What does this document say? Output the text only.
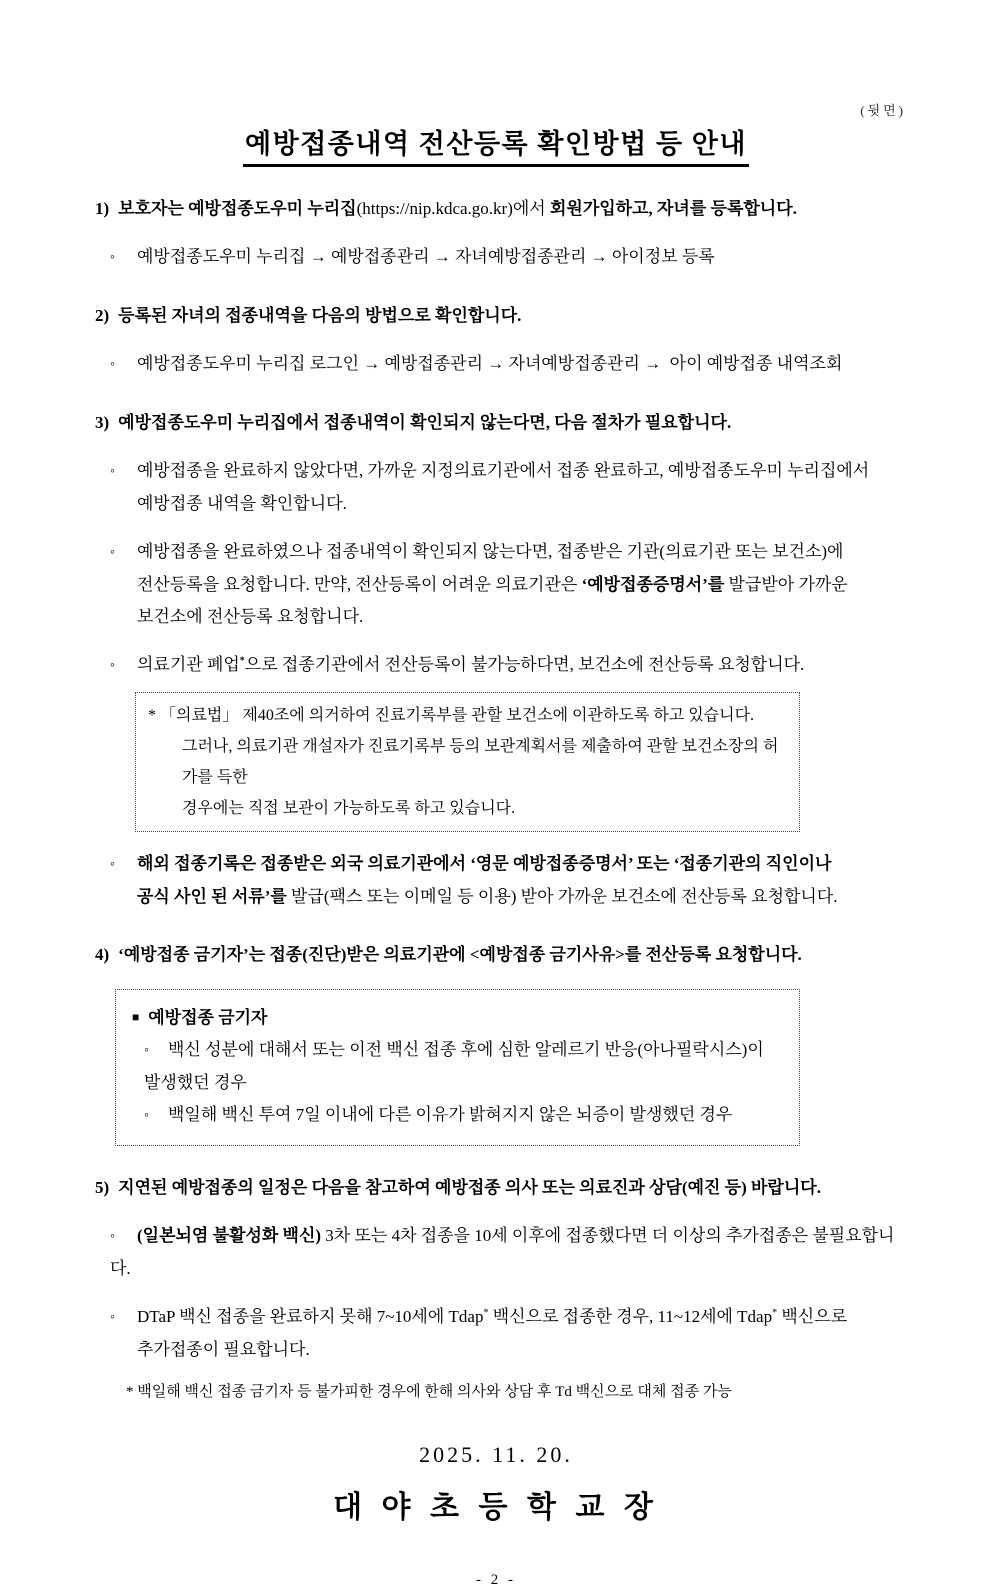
(뒷면)
예방접종내역 전산등록 확인방법 등 안내
1) 보호자는 예방접종도우미 누리집(https://nip.kdca.go.kr)에서 회원가입하고, 자녀를 등록합니다.
◦ 예방접종도우미 누리집 → 예방접종관리 → 자녀예방접종관리 → 아이정보 등록
2) 등록된 자녀의 접종내역을 다음의 방법으로 확인합니다.
◦ 예방접종도우미 누리집 로그인 → 예방접종관리 → 자녀예방접종관리 →  아이 예방접종 내역조회
3) 예방접종도우미 누리집에서 접종내역이 확인되지 않는다면, 다음 절차가 필요합니다.
◦ 예방접종을 완료하지 않았다면, 가까운 지정의료기관에서 접종 완료하고, 예방접종도우미 누리집에서
예방접종 내역을 확인합니다.
◦ 예방접종을 완료하였으나 접종내역이 확인되지 않는다면, 접종받은 기관(의료기관 또는 보건소)에
전산등록을 요청합니다. 만약, 전산등록이 어려운 의료기관은 ‘예방접종증명서’를 발급받아 가까운
보건소에 전산등록 요청합니다.
◦ 의료기관 폐업*으로 접종기관에서 전산등록이 불가능하다면, 보건소에 전산등록 요청합니다.
* 「의료법」 제40조에 의거하여 진료기록부를 관할 보건소에 이관하도록 하고 있습니다.
그러나, 의료기관 개설자가 진료기록부 등의 보관계획서를 제출하여 관할 보건소장의 허가를 득한
경우에는 직접 보관이 가능하도록 하고 있습니다.
◦ 해외 접종기록은 접종받은 외국 의료기관에서 ‘영문 예방접종증명서’ 또는 ‘접종기관의 직인이나
공식 사인 된 서류’를 발급(팩스 또는 이메일 등 이용) 받아 가까운 보건소에 전산등록 요청합니다.
4) ‘예방접종 금기자’는 접종(진단)받은 의료기관에 <예방접종 금기사유>를 전산등록 요청합니다.
■ 예방접종 금기자
◦ 백신 성분에 대해서 또는 이전 백신 접종 후에 심한 알레르기 반응(아나필락시스)이 발생했던 경우
◦ 백일해 백신 투여 7일 이내에 다른 이유가 밝혀지지 않은 뇌증이 발생했던 경우
5) 지연된 예방접종의 일정은 다음을 참고하여 예방접종 의사 또는 의료진과 상담(예진 등) 바랍니다.
◦ (일본뇌염 불활성화 백신) 3차 또는 4차 접종을 10세 이후에 접종했다면 더 이상의 추가접종은 불필요합니다.
◦ DTaP 백신 접종을 완료하지 못해 7~10세에 Tdap* 백신으로 접종한 경우, 11~12세에 Tdap* 백신으로
추가접종이 필요합니다.
* 백일해 백신 접종 금기자 등 불가피한 경우에 한해 의사와 상담 후 Td 백신으로 대체 접종 가능
2025. 11. 20.
대 야 초 등 학 교 장
- 2 -
